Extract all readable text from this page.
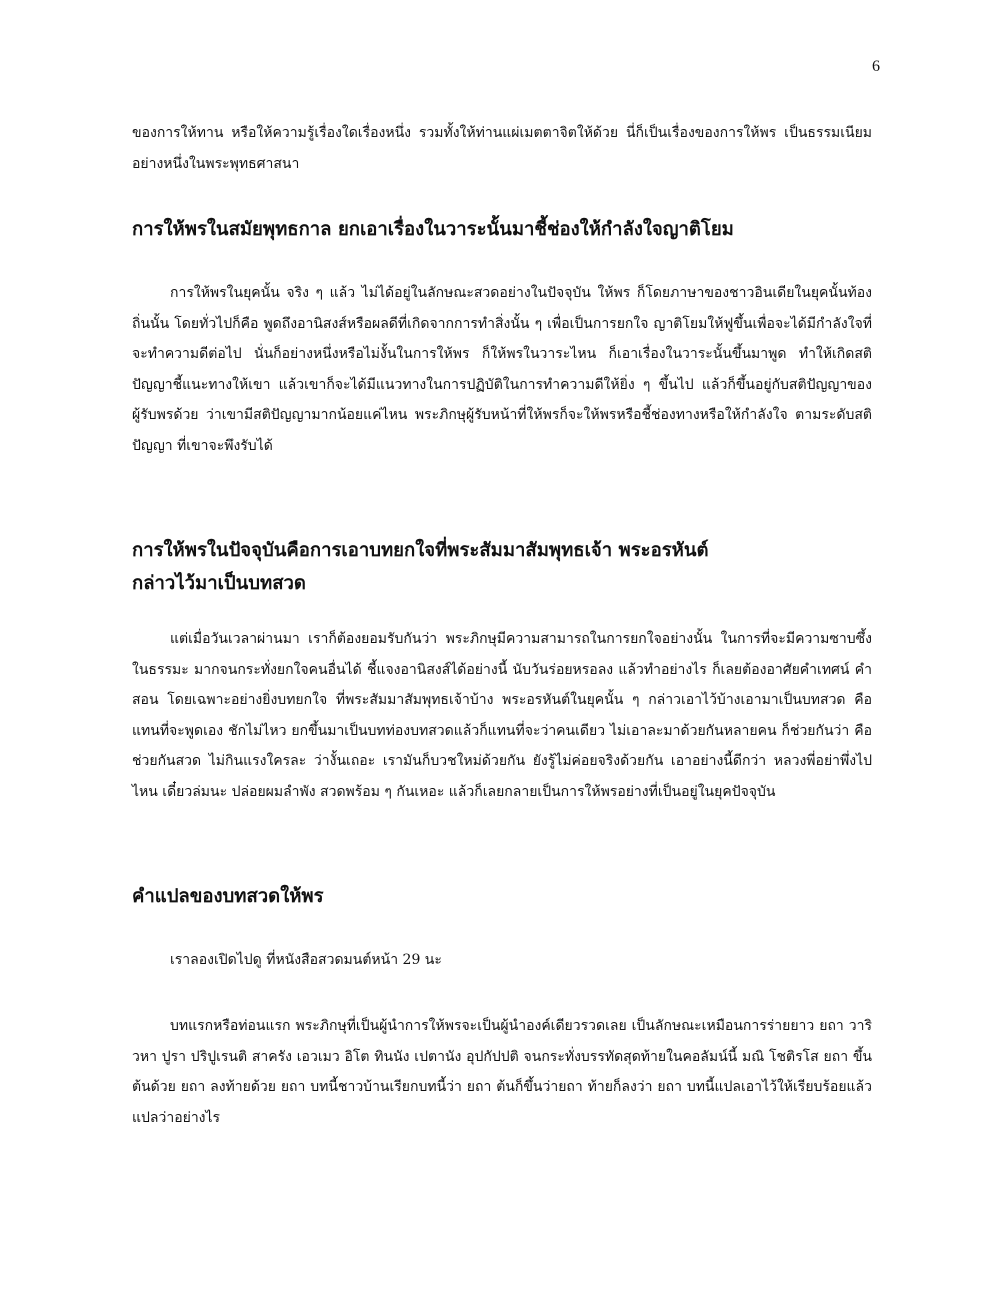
6

ของการให้ทาน หรือให้ความรู้เรื่องใดเรื่องหนึ่ง รวมทั้งให้ท่านแผ่เมตตาจิตให้ด้วย นี่ก็เป็นเรื่องของการให้พร เป็นธรรมเนียมอย่างหนึ่งในพระพุทธศาสนา

การให้พรในสมัยพุทธกาล ยกเอาเรื่องในวาระนั้นมาชี้ช่องให้กำลังใจญาติโยม

การให้พรในยุคนั้น จริง ๆ แล้ว ไม่ได้อยู่ในลักษณะสวดอย่างในปัจจุบัน ให้พร ก็โดยภาษาของชาวอินเดียในยุคนั้นท้องถิ่นนั้น โดยทั่วไปก็คือ พูดถึงอานิสงส์หรือผลดีที่เกิดจากการทำสิ่งนั้น ๆ เพื่อเป็นการยกใจ ญาติโยมให้ฟูขึ้นเพื่อจะได้มีกำลังใจที่จะทำความดีต่อไป นั่นก็อย่างหนึ่งหรือไม่งั้นในการให้พร ก็ให้พรในวาระไหน ก็เอาเรื่องในวาระนั้นขึ้นมาพูด ทำให้เกิดสติปัญญาชี้แนะทางให้เขา แล้วเขาก็จะได้มีแนวทางในการปฏิบัติในการทำความดีให้ยิ่ง ๆ ขึ้นไป แล้วก็ขึ้นอยู่กับสติปัญญาของผู้รับพรด้วย ว่าเขามีสติปัญญามากน้อยแค่ไหน พระภิกษุผู้รับหน้าที่ให้พรก็จะให้พรหรือชี้ช่องทางหรือให้กำลังใจ ตามระดับสติปัญญา ที่เขาจะพึงรับได้

การให้พรในปัจจุบันคือการเอาบทยกใจที่พระสัมมาสัมพุทธเจ้า พระอรหันต์
กล่าวไว้มาเป็นบทสวด

แต่เมื่อวันเวลาผ่านมา เราก็ต้องยอมรับกันว่า พระภิกษุมีความสามารถในการยกใจอย่างนั้น ในการที่จะมีความซาบซึ้งในธรรมะ มากจนกระทั่งยกใจคนอื่นได้ ชี้แจงอานิสงส์ได้อย่างนี้ นับวันร่อยหรอลง แล้วทำอย่างไร ก็เลยต้องอาศัยคำเทศน์ คำสอน โดยเฉพาะอย่างยิ่งบทยกใจ ที่พระสัมมาสัมพุทธเจ้าบ้าง พระอรหันต์ในยุคนั้น ๆ กล่าวเอาไว้บ้างเอามาเป็นบทสวด คือแทนที่จะพูดเอง ชักไม่ไหว ยกขึ้นมาเป็นบทท่องบทสวดแล้วก็แทนที่จะว่าคนเดียว ไม่เอาละมาด้วยกันหลายคน ก็ช่วยกันว่า คือช่วยกันสวด ไม่กินแรงใครละ ว่างั้นเถอะ เรามันก็บวชใหม่ด้วยกัน ยังรู้ไม่ค่อยจริงด้วยกัน เอาอย่างนี้ดีกว่า หลวงพี่อย่าพึ่งไปไหน เดี๋ยวล่มนะ ปล่อยผมลำพัง สวดพร้อม ๆ กันเหอะ แล้วก็เลยกลายเป็นการให้พรอย่างที่เป็นอยู่ในยุคปัจจุบัน

คำแปลของบทสวดให้พร

เราลองเปิดไปดู ที่หนังสือสวดมนต์หน้า 29 นะ

บทแรกหรือท่อนแรก พระภิกษุที่เป็นผู้นำการให้พรจะเป็นผู้นำองค์เดียวรวดเลย เป็นลักษณะเหมือนการร่ายยาว ยถา วาริวหา ปูรา ปริปูเรนติ สาครัง เอวเมว อิโต ทินนัง เปตานัง อุปกัปปติ จนกระทั่งบรรทัดสุดท้ายในคอลัมน์นี้ มณิ โชติรโส ยถา ขึ้นต้นด้วย ยถา ลงท้ายด้วย ยถา บทนี้ชาวบ้านเรียกบทนี้ว่า ยถา ต้นก็ขึ้นว่ายถา ท้ายก็ลงว่า ยถา บทนี้แปลเอาไว้ให้เรียบร้อยแล้ว แปลว่าอย่างไร
